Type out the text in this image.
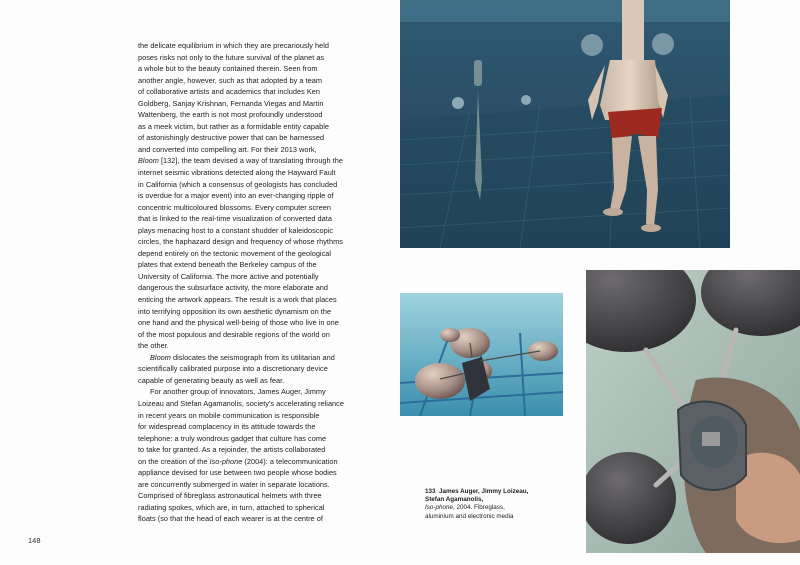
the delicate equilibrium in which they are precariously held
poses risks not only to the future survival of the planet as
a whole but to the beauty contained therein. Seen from
another angle, however, such as that adopted by a team
of collaborative artists and academics that includes Ken
Goldberg, Sanjay Krishnan, Fernanda Viegas and Martin
Wattenberg, the earth is not most profoundly understood
as a meek victim, but rather as a formidable entity capable
of astonishingly destructive power that can be harnessed
and converted into compelling art. For their 2013 work,
Bloom [132], the team devised a way of translating through the
internet seismic vibrations detected along the Hayward Fault
in California (which a consensus of geologists has concluded
is overdue for a major event) into an ever-changing ripple of
concentric multicoloured blossoms. Every computer screen
that is linked to the real-time visualization of converted data
plays menacing host to a constant shudder of kaleidoscopic
circles, the haphazard design and frequency of whose rhythms
depend entirely on the tectonic movement of the geological
plates that extend beneath the Berkeley campus of the
University of California. The more active and potentially
dangerous the subsurface activity, the more elaborate and
enticing the artwork appears. The result is a work that places
into terrifying opposition its own aesthetic dynamism on the
one hand and the physical well-being of those who live in one
of the most populous and desirable regions of the world on
the other.
Bloom dislocates the seismograph from its utilitarian and
scientifically calibrated purpose into a discretionary device
capable of generating beauty as well as fear.
For another group of innovators, James Auger, Jimmy
Loizeau and Stefan Agamanolis, society's accelerating reliance
in recent years on mobile communication is responsible
for widespread complacency in its attitude towards the
telephone: a truly wondrous gadget that culture has come
to take for granted. As a rejoinder, the artists collaborated
on the creation of the Iso-phone (2004): a telecommunication
appliance devised for use between two people whose bodies
are concurrently submerged in water in separate locations.
Comprised of fibreglass astronautical helmets with three
radiating spokes, which are, in turn, attached to spherical
floats (so that the head of each wearer is at the centre of
148
133 James Auger, Jimmy Loizeau, Stefan Agamanolis,
Iso-phone, 2004. Fibreglass,
aluminium and electronic media
